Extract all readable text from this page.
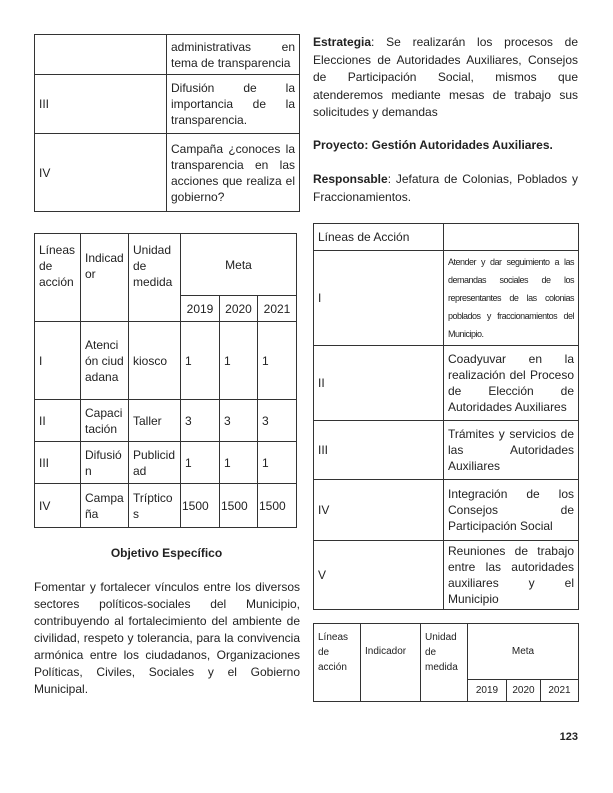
	administrativas en tema de transparencia
III	Difusión de la importancia de la transparencia.
IV	Campaña ¿conoces la transparencia en las acciones que realiza el gobierno?
Líneas de acción	Indicad or	Unidad de medida	Meta		
			2019	2020	2021
I	Atención ciudadana	kiosco	1	1	1
II	Capacitación	Taller	3	3	3
III	Difusión	Publicidad	1	1	1
IV	Campaña	Tríptico s	1500	1500	1500
Objetivo Específico
Fomentar y fortalecer vínculos entre los diversos sectores políticos-sociales del Municipio, contribuyendo al fortalecimiento del ambiente de civilidad, respeto y tolerancia, para la convivencia armónica entre los ciudadanos, Organizaciones Políticas, Civiles, Sociales y el Gobierno Municipal.
Estrategia: Se realizarán los procesos de Elecciones de Autoridades Auxiliares, Consejos de Participación Social, mismos que atenderemos mediante mesas de trabajo sus solicitudes y demandas
Proyecto: Gestión Autoridades Auxiliares.
Responsable: Jefatura de Colonias, Poblados y Fraccionamientos.
Líneas de Acción	
I	Atender y dar seguimiento a las demandas sociales de los representantes de las colonias poblados y fraccionamientos del Municipio.
II	Coadyuvar en la realización del Proceso de Elección de Autoridades Auxiliares
III	Trámites y servicios de las Autoridades Auxiliares
IV	Integración de los Consejos de Participación Social
V	Reuniones de trabajo entre las autoridades auxiliares y el Municipio
Líneas de acción	Indicador	Unidad de medida	Meta		
			2019	2020	2021
123
